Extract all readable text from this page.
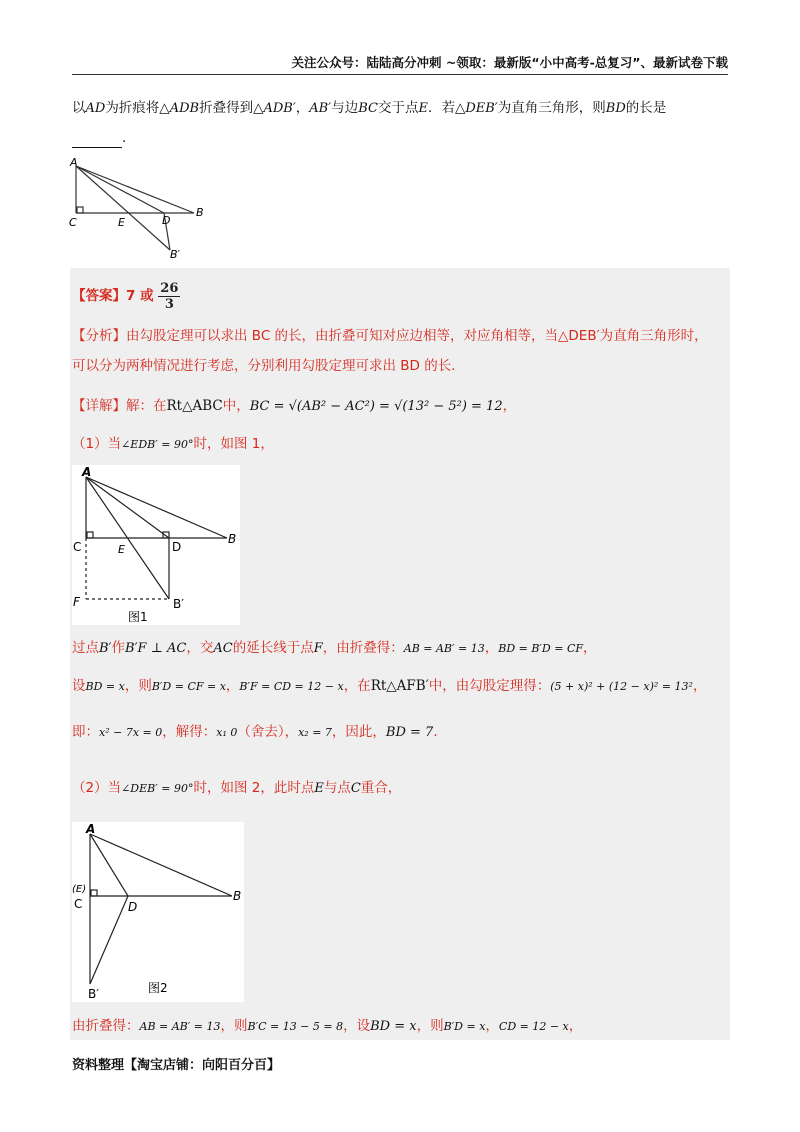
关注公众号：陆陆高分冲刺 ~领取：最新版“小中高考-总复习”、最新试卷下载
以AD为折痕将△ADB折叠得到△ADB′，AB′与边BC交于点E．若△DEB′为直角三角形，则BD的长是
.
A
C	E	D
B
B′
【答案】7 或 $\frac{26}{3}$
【分析】由勾股定理可以求出 BC 的长，由折叠可知对应边相等，对应角相等，当△DEB′为直角三角形时，
可以分为两种情况进行考虑，分别利用勾股定理可求出 BD 的长．
【详解】解：在Rt△ABC中，BC = √(AB² − AC²) = √(13² − 5²) = 12，
（1）当∠EDB′ = 90°时，如图 1，
A
C	E	D
B
F	B′
图1
过点B′作B′F ⊥ AC，交AC的延长线于点F，由折叠得：AB = AB′ = 13，BD = B′D = CF，
设BD = x，则B′D = CF = x，B′F = CD = 12 − x，在Rt△AFB′中，由勾股定理得：(5 + x)² + (12 − x)² = 13²，
即：x² − 7x = 0，解得：x₁ 0（舍去），x₂ = 7，因此，BD = 7.
（2）当∠DEB′ = 90°时，如图 2，此时点E与点C重合，
A
(E)
C	D
B
B′	图2
由折叠得：AB = AB′ = 13，则B′C = 13 − 5 = 8，设BD = x，则B′D = x，CD = 12 − x，
资料整理【淘宝店铺：向阳百分百】
